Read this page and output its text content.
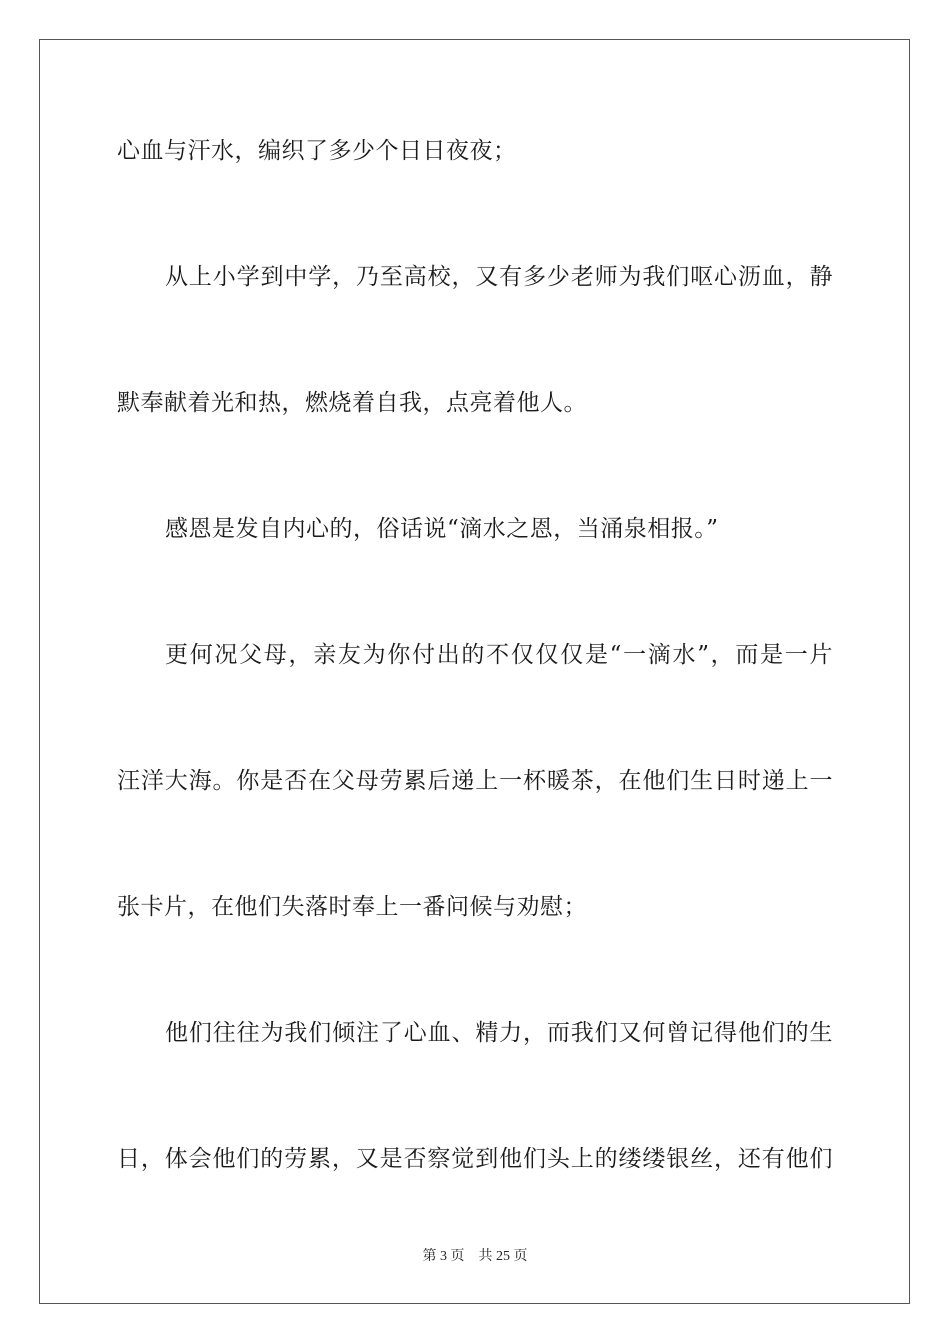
心血与汗水，编织了多少个日日夜夜；
从上小学到中学，乃至高校，又有多少老师为我们呕心沥血，静
默奉献着光和热，燃烧着自我，点亮着他人。
感恩是发自内心的，俗话说“滴水之恩，当涌泉相报。”
更何况父母，亲友为你付出的不仅仅仅是“一滴水”，而是一片
汪洋大海。你是否在父母劳累后递上一杯暖茶，在他们生日时递上一
张卡片，在他们失落时奉上一番问候与劝慰；
他们往往为我们倾注了心血、精力，而我们又何曾记得他们的生
日，体会他们的劳累，又是否察觉到他们头上的缕缕银丝，还有他们
第 3 页 共 25 页
